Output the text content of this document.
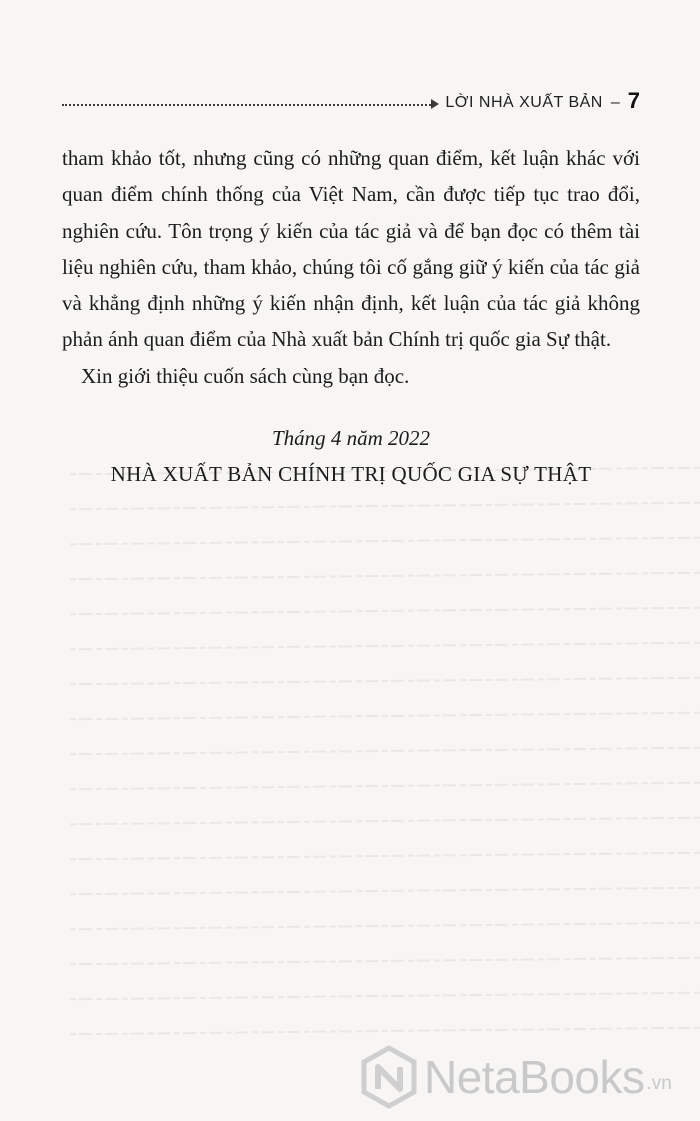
LỜI NHÀ XUẤT BẢN – 7

tham khảo tốt, nhưng cũng có những quan điểm, kết luận khác với quan điểm chính thống của Việt Nam, cần được tiếp tục trao đổi, nghiên cứu. Tôn trọng ý kiến của tác giả và để bạn đọc có thêm tài liệu nghiên cứu, tham khảo, chúng tôi cố gắng giữ ý kiến của tác giả và khẳng định những ý kiến nhận định, kết luận của tác giả không phản ánh quan điểm của Nhà xuất bản Chính trị quốc gia Sự thật.

Xin giới thiệu cuốn sách cùng bạn đọc.

Tháng 4 năm 2022
NHÀ XUẤT BẢN CHÍNH TRỊ QUỐC GIA SỰ THẬT
NetaBooks .vn
